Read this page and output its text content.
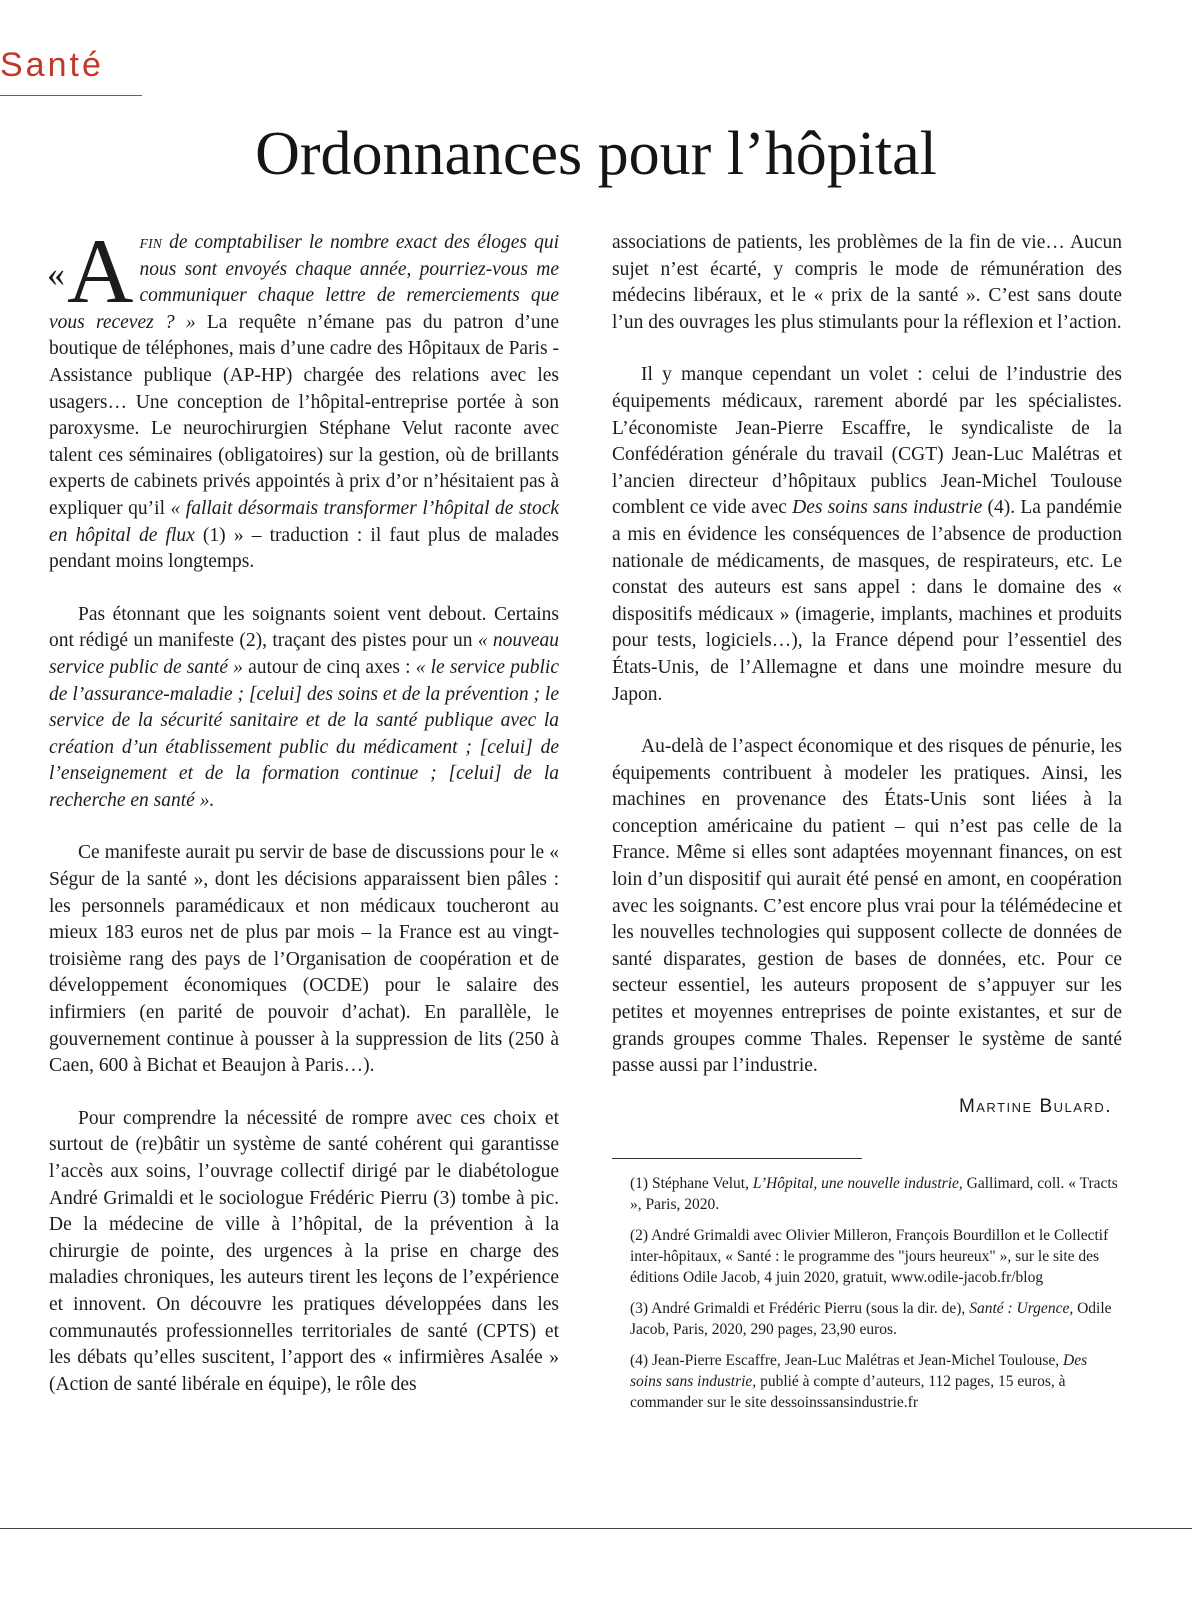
Santé
Ordonnances pour l’hôpital

« A fin de comptabiliser le nombre exact des éloges qui nous sont envoyés chaque année, pourriez-vous me communiquer chaque lettre de remerciements que vous recevez ? » La requête n’émane pas du patron d’une boutique de téléphones, mais d’une cadre des Hôpitaux de Paris - Assistance publique (AP-HP) chargée des relations avec les usagers… Une conception de l’hôpital-entreprise portée à son paroxysme. Le neurochirurgien Stéphane Velut raconte avec talent ces séminaires (obligatoires) sur la gestion, où de brillants experts de cabinets privés appointés à prix d’or n’hésitaient pas à expliquer qu’il « fallait désormais transformer l’hôpital de stock en hôpital de flux (1) » – traduction : il faut plus de malades pendant moins longtemps.

Pas étonnant que les soignants soient vent debout. Certains ont rédigé un manifeste (2), traçant des pistes pour un « nouveau service public de santé » autour de cinq axes : « le service public de l’assurance-maladie ; [celui] des soins et de la prévention ; le service de la sécurité sanitaire et de la santé publique avec la création d’un établissement public du médicament ; [celui] de l’enseignement et de la formation continue ; [celui] de la recherche en santé ».

Ce manifeste aurait pu servir de base de discussions pour le « Ségur de la santé », dont les décisions apparaissent bien pâles : les personnels paramédicaux et non médicaux toucheront au mieux 183 euros net de plus par mois – la France est au vingt-troisième rang des pays de l’Organisation de coopération et de développement économiques (OCDE) pour le salaire des infirmiers (en parité de pouvoir d’achat). En parallèle, le gouvernement continue à pousser à la suppression de lits (250 à Caen, 600 à Bichat et Beaujon à Paris…).

Pour comprendre la nécessité de rompre avec ces choix et surtout de (re)bâtir un système de santé cohérent qui garantisse l’accès aux soins, l’ouvrage collectif dirigé par le diabétologue André Grimaldi et le sociologue Frédéric Pierru (3) tombe à pic. De la médecine de ville à l’hôpital, de la prévention à la chirurgie de pointe, des urgences à la prise en charge des maladies chroniques, les auteurs tirent les leçons de l’expérience et innovent. On découvre les pratiques développées dans les communautés professionnelles territoriales de santé (CPTS) et les débats qu’elles suscitent, l’apport des « infirmières Asalée » (Action de santé libérale en équipe), le rôle des

associations de patients, les problèmes de la fin de vie… Aucun sujet n’est écarté, y compris le mode de rémunération des médecins libéraux, et le « prix de la santé ». C’est sans doute l’un des ouvrages les plus stimulants pour la réflexion et l’action.

Il y manque cependant un volet : celui de l’industrie des équipements médicaux, rarement abordé par les spécialistes. L’économiste Jean-Pierre Escaffre, le syndicaliste de la Confédération générale du travail (CGT) Jean-Luc Malétras et l’ancien directeur d’hôpitaux publics Jean-Michel Toulouse comblent ce vide avec Des soins sans industrie (4). La pandémie a mis en évidence les conséquences de l’absence de production nationale de médicaments, de masques, de respirateurs, etc. Le constat des auteurs est sans appel : dans le domaine des « dispositifs médicaux » (imagerie, implants, machines et produits pour tests, logiciels…), la France dépend pour l’essentiel des États-Unis, de l’Allemagne et dans une moindre mesure du Japon.

Au-delà de l’aspect économique et des risques de pénurie, les équipements contribuent à modeler les pratiques. Ainsi, les machines en provenance des États-Unis sont liées à la conception américaine du patient – qui n’est pas celle de la France. Même si elles sont adaptées moyennant finances, on est loin d’un dispositif qui aurait été pensé en amont, en coopération avec les soignants. C’est encore plus vrai pour la télémédecine et les nouvelles technologies qui supposent collecte de données de santé disparates, gestion de bases de données, etc. Pour ce secteur essentiel, les auteurs proposent de s’appuyer sur les petites et moyennes entreprises de pointe existantes, et sur de grands groupes comme Thales. Repenser le système de santé passe aussi par l’industrie.

Martine Bulard.

(1) Stéphane Velut, L’Hôpital, une nouvelle industrie, Gallimard, coll. « Tracts », Paris, 2020.

(2) André Grimaldi avec Olivier Milleron, François Bourdillon et le Collectif inter-hôpitaux, « Santé : le programme des "jours heureux" », sur le site des éditions Odile Jacob, 4 juin 2020, gratuit, www.odile-jacob.fr/blog

(3) André Grimaldi et Frédéric Pierru (sous la dir. de), Santé : Urgence, Odile Jacob, Paris, 2020, 290 pages, 23,90 euros.

(4) Jean-Pierre Escaffre, Jean-Luc Malétras et Jean-Michel Toulouse, Des soins sans industrie, publié à compte d’auteurs, 112 pages, 15 euros, à commander sur le site dessoinssansindustrie.fr
